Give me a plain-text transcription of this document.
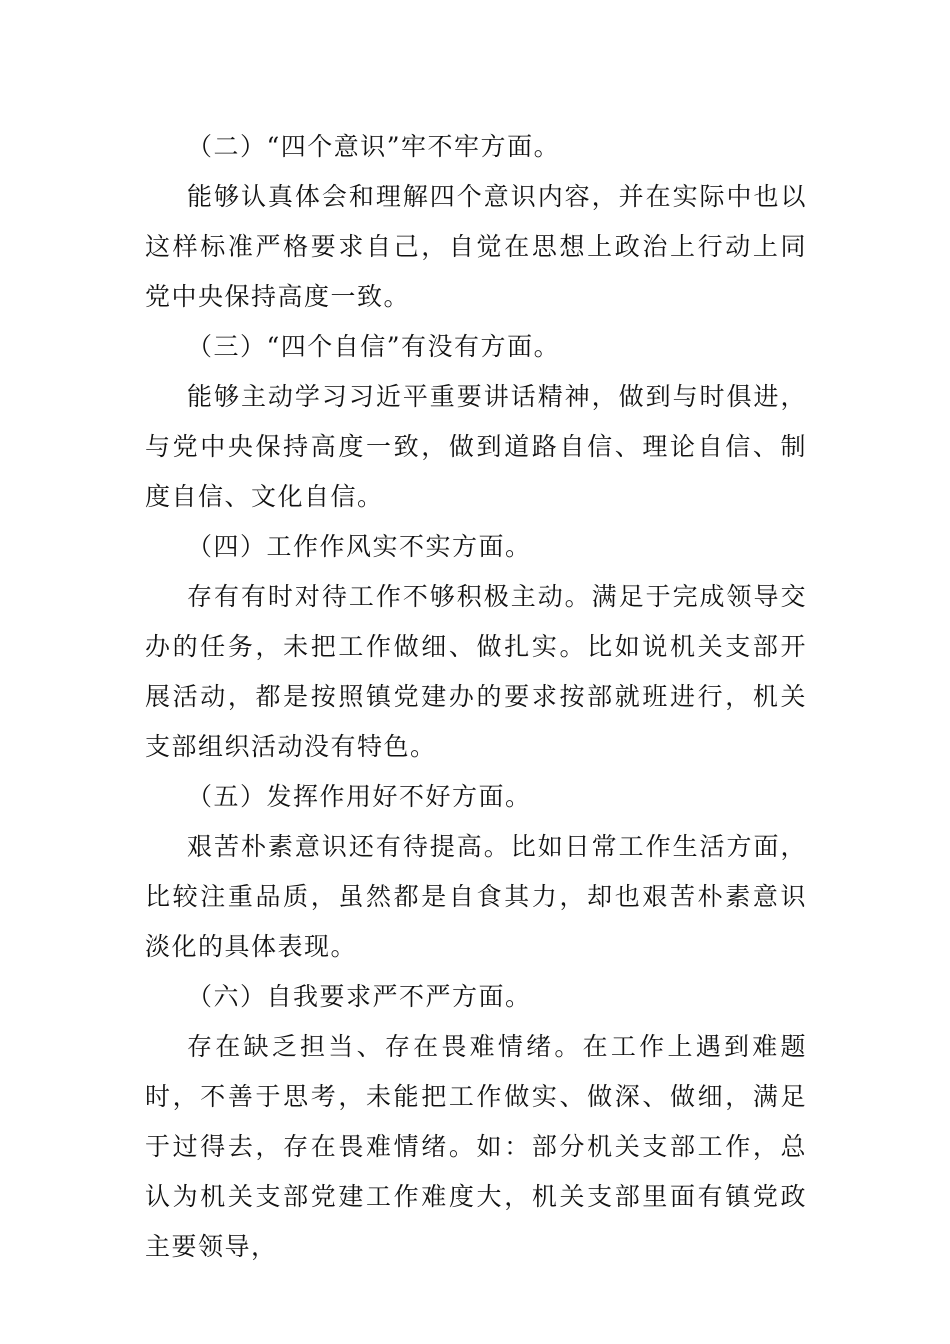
（二）“四个意识”牢不牢方面。

能够认真体会和理解四个意识内容，并在实际中也以这样标准严格要求自己，自觉在思想上政治上行动上同党中央保持高度一致。

（三）“四个自信”有没有方面。

能够主动学习习近平重要讲话精神，做到与时俱进，与党中央保持高度一致，做到道路自信、理论自信、制度自信、文化自信。

（四）工作作风实不实方面。

存有有时对待工作不够积极主动。满足于完成领导交办的任务，未把工作做细、做扎实。比如说机关支部开展活动，都是按照镇党建办的要求按部就班进行，机关支部组织活动没有特色。

（五）发挥作用好不好方面。

艰苦朴素意识还有待提高。比如日常工作生活方面，比较注重品质，虽然都是自食其力，却也艰苦朴素意识淡化的具体表现。

（六）自我要求严不严方面。

存在缺乏担当、存在畏难情绪。在工作上遇到难题时，不善于思考，未能把工作做实、做深、做细，满足于过得去，存在畏难情绪。如：部分机关支部工作，总认为机关支部党建工作难度大，机关支部里面有镇党政主要领导，
